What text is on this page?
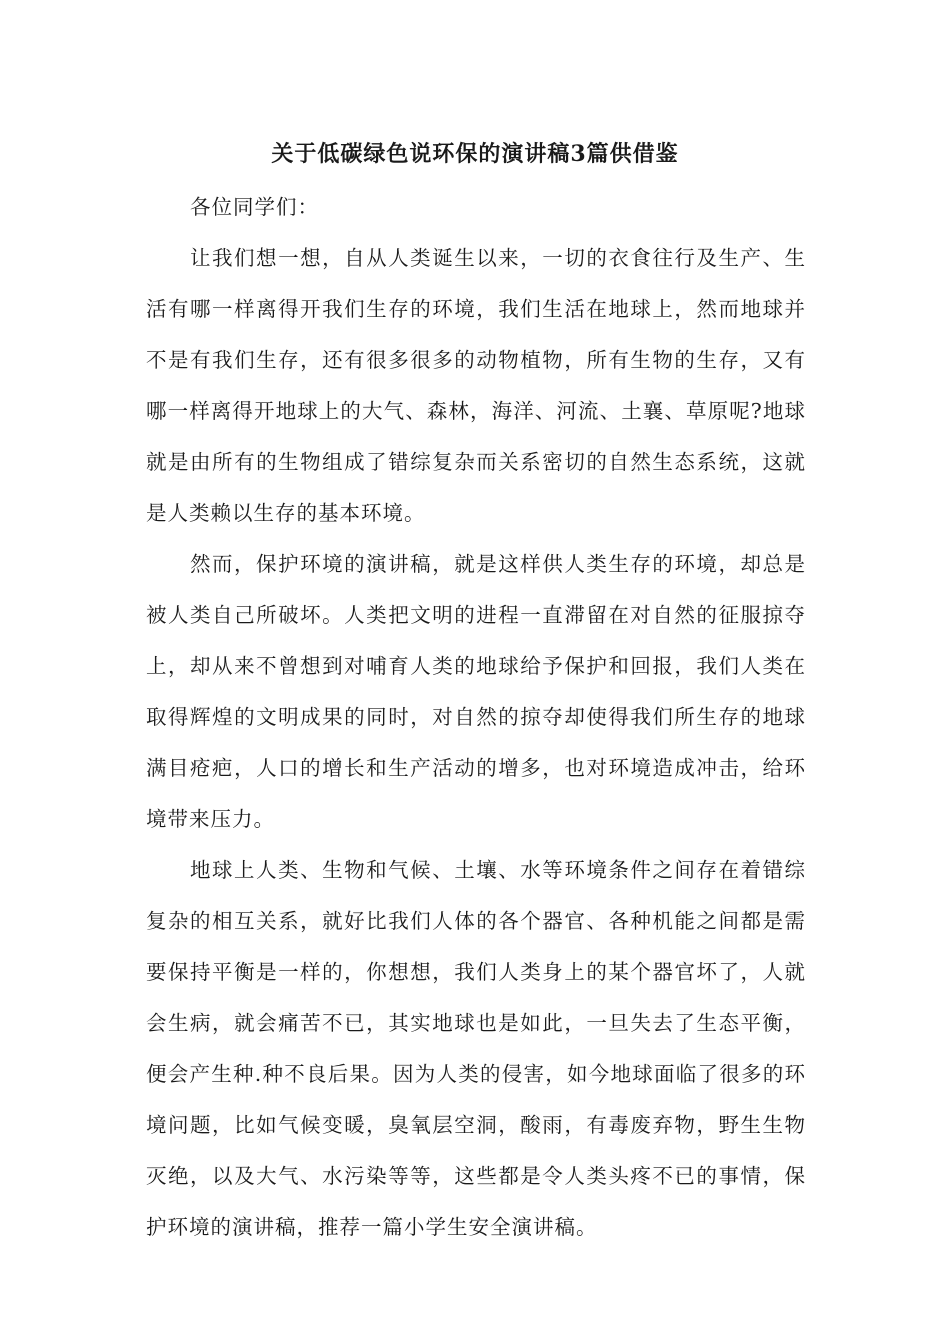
关于低碳绿色说环保的演讲稿3篇供借鉴

各位同学们：

让我们想一想，自从人类诞生以来，一切的衣食往行及生产、生活有哪一样离得开我们生存的环境，我们生活在地球上，然而地球并不是有我们生存，还有很多很多的动物植物，所有生物的生存，又有哪一样离得开地球上的大气、森林，海洋、河流、土襄、草原呢?地球就是由所有的生物组成了错综复杂而关系密切的自然生态系统，这就是人类赖以生存的基本环境。

然而，保护环境的演讲稿，就是这样供人类生存的环境，却总是被人类自己所破坏。人类把文明的进程一直滞留在对自然的征服掠夺上，却从来不曾想到对哺育人类的地球给予保护和回报，我们人类在取得辉煌的文明成果的同时，对自然的掠夺却使得我们所生存的地球满目疮疤，人口的增长和生产活动的增多，也对环境造成冲击，给环境带来压力。

地球上人类、生物和气候、土壤、水等环境条件之间存在着错综复杂的相互关系，就好比我们人体的各个器官、各种机能之间都是需要保持平衡是一样的，你想想，我们人类身上的某个器官坏了，人就会生病，就会痛苦不已，其实地球也是如此，一旦失去了生态平衡，便会产生种.种不良后果。因为人类的侵害，如今地球面临了很多的环境问题，比如气候变暖，臭氧层空洞，酸雨，有毒废弃物，野生生物灭绝，以及大气、水污染等等，这些都是令人类头疼不已的事情，保护环境的演讲稿，推荐一篇小学生安全演讲稿。
